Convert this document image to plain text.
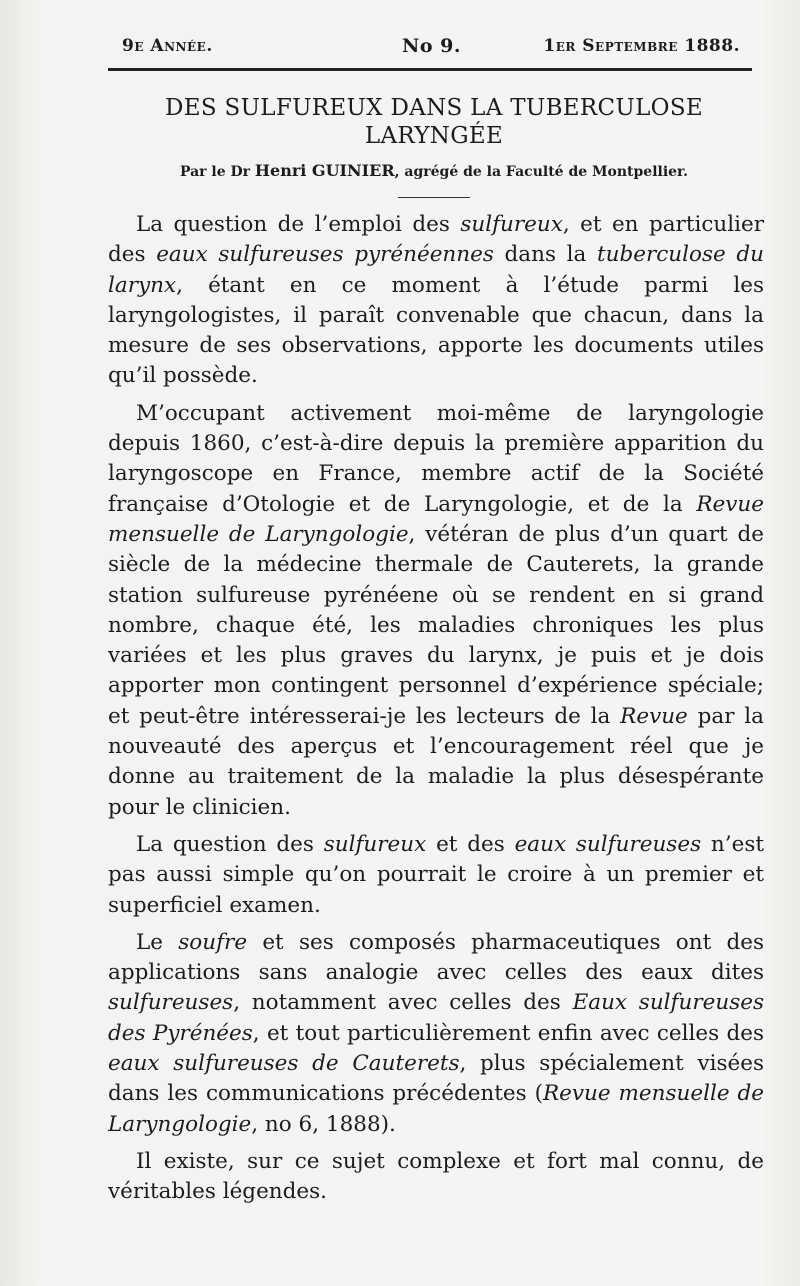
9e Année.	No 9.	1er Septembre 1888.
DES SULFUREUX DANS LA TUBERCULOSE
LARYNGÉE
Par le Dr Henri GUINIER, agrégé de la Faculté de Montpellier.

La question de l’emploi des sulfureux, et en particulier des eaux sulfureuses pyrénéennes dans la tuberculose du larynx, étant en ce moment à l’étude parmi les laryngologistes, il paraît convenable que chacun, dans la mesure de ses observations, apporte les documents utiles qu’il possède.

M’occupant activement moi-même de laryngologie depuis 1860, c’est-à-dire depuis la première apparition du laryngoscope en France, membre actif de la Société française d’Otologie et de Laryngologie, et de la Revue mensuelle de Laryngologie, vétéran de plus d’un quart de siècle de la médecine thermale de Cauterets, la grande station sulfureuse pyrénéene où se rendent en si grand nombre, chaque été, les maladies chroniques les plus variées et les plus graves du larynx, je puis et je dois apporter mon contingent personnel d’expérience spéciale; et peut-être intéresserai-je les lecteurs de la Revue par la nouveauté des aperçus et l’encouragement réel que je donne au traitement de la maladie la plus désespérante pour le clinicien.

La question des sulfureux et des eaux sulfureuses n’est pas aussi simple qu’on pourrait le croire à un premier et superficiel examen.

Le soufre et ses composés pharmaceutiques ont des applications sans analogie avec celles des eaux dites sulfureuses, notamment avec celles des Eaux sulfureuses des Pyrénées, et tout particulièrement enfin avec celles des eaux sulfureuses de Cauterets, plus spécialement visées dans les communications précédentes (Revue mensuelle de Laryngologie, no 6, 1888).

Il existe, sur ce sujet complexe et fort mal connu, de véritables légendes.
